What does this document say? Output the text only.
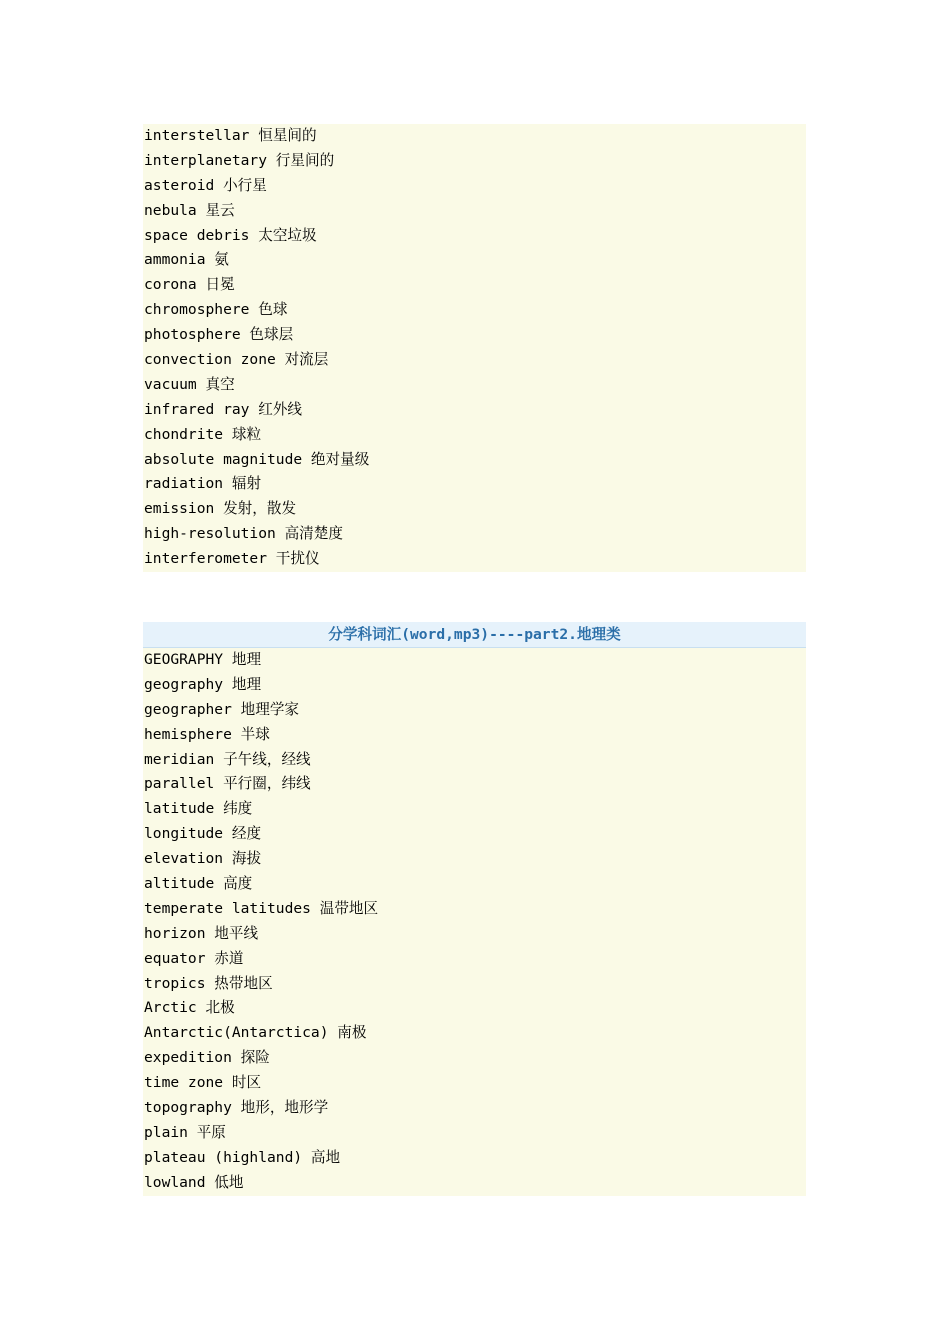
interstellar 恒星间的
interplanetary 行星间的
asteroid 小行星
nebula 星云
space debris 太空垃圾
ammonia 氨
corona 日冕
chromosphere 色球
photosphere 色球层
convection zone 对流层
vacuum 真空
infrared ray 红外线
chondrite 球粒
absolute magnitude 绝对量级
radiation 辐射
emission 发射，散发
high-resolution 高清楚度
interferometer 干扰仪
分学科词汇(word,mp3)----part2.地理类
GEOGRAPHY 地理
geography 地理
geographer 地理学家
hemisphere 半球
meridian 子午线，经线
parallel 平行圈，纬线
latitude 纬度
longitude 经度
elevation 海拔
altitude 高度
temperate latitudes 温带地区
horizon 地平线
equator 赤道
tropics 热带地区
Arctic 北极
Antarctic(Antarctica) 南极
expedition 探险
time zone 时区
topography 地形，地形学
plain 平原
plateau (highland) 高地
lowland 低地
